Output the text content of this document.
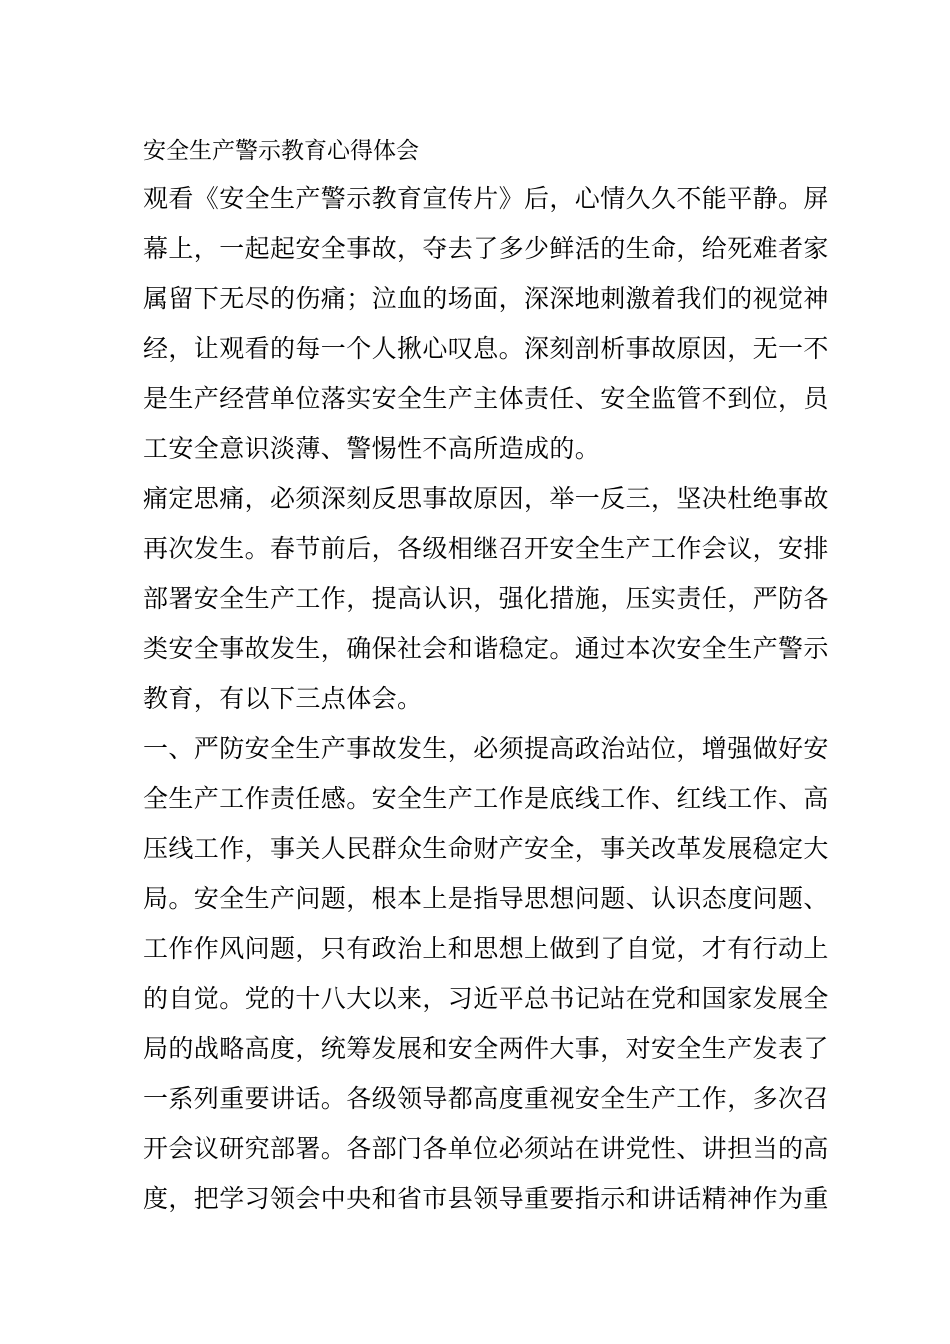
安全生产警示教育心得体会
观看《安全生产警示教育宣传片》后，心情久久不能平静。屏
幕上，一起起安全事故，夺去了多少鲜活的生命，给死难者家
属留下无尽的伤痛；泣血的场面，深深地刺激着我们的视觉神
经，让观看的每一个人揪心叹息。深刻剖析事故原因，无一不
是生产经营单位落实安全生产主体责任、安全监管不到位，员
工安全意识淡薄、警惕性不高所造成的。
痛定思痛，必须深刻反思事故原因，举一反三，坚决杜绝事故
再次发生。春节前后，各级相继召开安全生产工作会议，安排
部署安全生产工作，提高认识，强化措施，压实责任，严防各
类安全事故发生，确保社会和谐稳定。通过本次安全生产警示
教育，有以下三点体会。
一、严防安全生产事故发生，必须提高政治站位，增强做好安
全生产工作责任感。安全生产工作是底线工作、红线工作、高
压线工作，事关人民群众生命财产安全，事关改革发展稳定大
局。安全生产问题，根本上是指导思想问题、认识态度问题、
工作作风问题，只有政治上和思想上做到了自觉，才有行动上
的自觉。党的十八大以来，习近平总书记站在党和国家发展全
局的战略高度，统筹发展和安全两件大事，对安全生产发表了
一系列重要讲话。各级领导都高度重视安全生产工作，多次召
开会议研究部署。各部门各单位必须站在讲党性、讲担当的高
度，把学习领会中央和省市县领导重要指示和讲话精神作为重
